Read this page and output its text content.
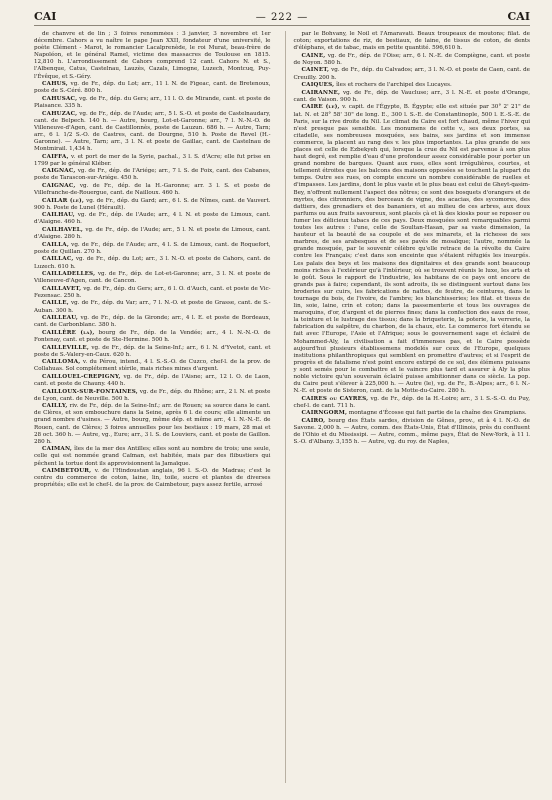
CAI	— 222 —	CAI

de chanvre et de lin ; 3 foires renommées : 3 janvier, 3 novembre et 1er décembre. Cahors a vu naître le pape Jean XXII, fondateur d'une université, le poète Clément - Marot, le romancier Lacalprenède, le roi Murat, beau-frère de Napoléon, et le général Ramel, victime des massacres de Toulouse en 1815. 12,810 h. L'arrondissement de Cahors comprend 12 cant. Cahors N. et S., l'Albenque, Catus, Castelnau, Lauzès, Cazals, Limogne, Luzech, Montcuq, Puy-l'Évêque, et S.-Géry.

CAHUS, vg. de Fr., dép. du Lot; arr., 11 l. N. de Figeac, cant. de Bretenoux, poste de S.-Céré. 800 h.

CAHUSAC, vg. de Fr., dép. du Gers; arr., 11 l. O. de Mirande, cant. et poste de Plaisance. 335 h.

CAHUZAC, vg. de Fr., dép. de l'Aude; arr., 5 l. S.-O. et poste de Castelnaudary, cant. de Belpech. 140 h. — Autre, bourg, Lot-et-Garonne; arr., 7 l. N.-N.-O. de Villeneuve-d'Agen, cant. de Castillonnès, poste de Lauzun. 686 h. — Autre, Tarn; arr., 6 l. 1/2 S.-O. de Castres, cant. de Dourgne, 510 h. Poste de Revel (H.-Garonne). — Autre, Tarn; arr., 3 l. N. et poste de Gaillac, cant. de Castelnau de Montmirail. 1,434 h.

CAIFFA, v. et port de mer de la Syrie, pachal., 3 l. S. d'Acre; elle fut prise en 1799 par le général Kléber.

CAIGNAC, vg. de Fr., dép. de l'Ariége; arr., 7 l. S. de Foix, cant. des Cabanes, poste de Tarascon-sur-Ariége. 450 h.

CAIGNAC, vg. de Fr., dép. de la H.-Garonne; arr. 3 l. S. et poste de Villefranche-de-Rouergue, cant. de Nailloux. 460 h.

CAILAR (le), vg. de Fr., dép. du Gard; arr., 6 l. S. de Nîmes, cant. de Vauvert. 900 h. Poste de Lunel (Hérault).

CAILHAU, vg. de Fr., dép. de l'Aude; arr., 4 l. N. et poste de Limoux, cant. d'Alaigne. 460 h.

CAILHAVEL, vg. de Fr., dép. de l'Aude; arr., 5 l. N. et poste de Limoux, cant. d'Alaigne. 280 h.

CAILLA, vg. de Fr., dép. de l'Aude; arr., 4 l. S. de Limoux, cant. de Roquefort, poste de Quillan. 270 h.

CAILLAC, vg. de Fr., dép. du Lot; arr., 3 l. N.-O. et poste de Cahors, cant. de Luzech. 610 h.

CAILLADELLES, vg. de Fr., dép. de Lot-et-Garonne; arr., 3 l. N. et poste de Villeneuve-d'Agen, cant. de Cancon.

CAILLAVET, vg. de Fr., dép. du Gers; arr., 6 l. O. d'Auch, cant. et poste de Vic-Fezensac. 250 h.

CAILLE, vg. de Fr., dép. du Var; arr., 7 l. N.-O. et poste de Grasse, cant. de S.-Auban. 300 h.

CAILLEAU, vg. de Fr., dép. de la Gironde; arr., 4 l. E. et poste de Bordeaux, cant. de Carbonblanc. 380 h.

CAILLÈRE (la), bourg de Fr., dép. de la Vendée; arr., 4 l. N.-N.-O. de Fontenay, cant. et poste de Ste-Hermine. 500 h.

CAILLEVILLE, vg. de Fr., dép. de la Seine-Inf.; arr., 6 l. N. d'Yvetot, cant. et poste de S.-Valery-en-Caux. 620 h.

CAILLOMA, v. du Pérou, intend., 4 l. S.-S.-O. de Cuzco, chef-l. de la prov. de Collahuas. Sol complétement stérile, mais riches mines d'argent.

CAILLOUEL-CREPIGNY, vg. de Fr., dép. de l'Aisne; arr., 12 l. O. de Laon, cant. et poste de Chauny. 440 h.

CAILLOUX-SUR-FONTAINES, vg. de Fr., dép. du Rhône; arr., 2 l. N. et poste de Lyon, cant. de Neuville. 500 h.

CAILLY, riv. de Fr., dép. de la Seine-Inf.; arr. de Rouen; sa source dans le cant. de Clères, et son embouchure dans la Seine, après 6 l. de cours; elle alimente un grand nombre d'usines. — Autre, bourg, même dép. et même arr., 4 l. N.-N.-E. de Rouen, cant. de Clères; 3 foires annuelles pour les bestiaux : 19 mars, 28 mai et 28 oct. 360 h. — Autre, vg., Eure; arr., 3 l. S. de Louviers, cant. et poste de Gaillon. 280 h.

CAIMAN, îles de la mer des Antilles; elles sont au nombre de trois; une seule, celle qui est nommée grand Caïman, est habitée, mais par des flibustiers qui pêchent la tortue dont ils approvisionnent la Jamaïque.

CAIMBETOUR, v. de l'Hindoustan anglais, 96 l. S.-O. de Madras; c'est le centre du commerce de coton, laine, lin, toile, sucre et plantes de diverses propriétés; elle est le chef-l. de la prov. de Caimbetour, pays assez fertile, arrosé

par le Bohvany, le Noil et l'Amaravati. Beaux troupeaux de moutons; filat. de coton; exportations de riz, de bestiaux, de laine, de tissus de coton, de dents d'éléphans, et de tabac, mais en petite quantité. 596,610 h.

CAINE, vg. de Fr., dép. de l'Oise; arr., 6 l. N.-E. de Compiègne, cant. et poste de Noyon. 580 h.

CAINET, vg. de Fr., dép. du Calvados; arr., 3 l. N.-O. et poste de Caen, cant. de Creuilly. 200 h.

CAIQUES, îles et rochers de l'archipel des Lucayes.

CAIRANNE, vg. de Fr., dép. de Vaucluse; arr., 3 l. N.-E. et poste d'Orange, cant. de Vaison. 900 h.

CAIRE (le), v. capit. de l'Égypte, B. Égypte; elle est située par 30° 2' 21" de lat. N. et 28° 58' 30" de long. E., 300 l. S.-E. de Constantinople, 500 l. E.-S.-E. de Paris, sur la rive droite du Nil. Le climat du Caire est fort chaud, même l'hiver qui n'est presque pas sensible. Les monumens de cette v., ses deux portes, sa citadelle, ses nombreuses mosquées, ses bains, ses jardins et son immense commerce, la placent au rang des v. les plus importantes. La plus grande de ses places est celle de Ezbekyeh qui, lorsque la crue du Nil est parvenue à son plus haut degré, est remplie d'eau d'une profondeur assez considérable pour porter un grand nombre de barques. Quant aux rues, elles sont irrégulières, courtes, et tellement étroites que les balcons des maisons opposées se touchent la plupart du temps. Outre ses rues, on compte encore un nombre considérable de ruelles et d'impasses. Les jardins, dont le plus vaste et le plus beau est celui de Gheyt-qasim-Bey, n'offrent nullement l'aspect des nôtres; ce sont des bosquets d'orangers et de myrtes, des citronniers, des berceaux de vigne, des acacias, des sycomores, des dattiers, des grenadiers et des bananiers, et au milieu de ces arbres, aux doux parfums ou aux fruits savoureux, sont placés çà et là des kiosks pour se reposer ou fumer les délicieux tabacs de ces pays. Deux mosquées sont remarquables parmi toutes les autres : l'une, celle de Soultan-Hasan, par sa vaste dimension, la hauteur et la beauté de sa coupole et de ses minarets, et la richesse de ses marbres, de ses arabesques et de ses pavés de mosaïque; l'autre, nommée la grande mosquée, par le souvenir célèbre qu'elle retrace de la révolte du Caire contre les Français; c'est dans son enceinte que s'étaient réfugiés les insurgés. Les palais des beys et les maisons des dignitaires et des grands sont beaucoup moins riches à l'extérieur qu'à l'intérieur, où se trouvent réunis le luxe, les arts et le goût. Sous le rapport de l'industrie, les habitans de ce pays ont encore de grands pas à faire; cependant, ils sont adroits, ils se distinguent surtout dans les broderies sur cuirs, les fabrications de nattes, de feutre, de ceintures, dans le tournage du bois, de l'ivoire, de l'ambre; les blanchisseries; les filat. et tissus de lin, soie, laine, crin et coton; dans la passementerie et tous les ouvrages de maroquins, d'or, d'argent et de pierres fines; dans la confection des eaux de rose, la teinture et le lustrage des tissus; dans la briqueterie, la poterie, la verrerie, la fabrication du salpêtre, du charbon, de la chaux, etc. Le commerce fort étendu se fait avec l'Europe, l'Asie et l'Afrique; sous le gouvernement sage et éclairé de Mohammed-Aly, la civilisation a fait d'immenses pas, et le Caire possède aujourd'hui plusieurs établissemens modelés sur ceux de l'Europe, quelques institutions philanthropiques qui semblent en promettre d'autres; et si l'esprit de progrès et de fatalisme n'est point encore extirpé de ce sol, des élémens puissans y sont semés pour le combattre et le vaincre plus tard et assurer à Aly la plus noble victoire qu'un souverain éclairé puisse ambitionner dans ce siècle. La pop. du Caire peut s'élever à 225,000 h. — Autre (le), vg. de Fr., B.-Alpes; arr., 6 l. N.-N.-E. et poste de Sisteron, cant. de la Motte-du-Caire. 280 h.

CAIRES ou CAYRES, vg. de Fr., dép. de la H.-Loire; arr., 3 l. S.-S.-O. du Puy, chef-l. de cant. 711 h.

CAIRNGORM, montagne d'Écosse qui fait partie de la chaîne des Grampians.

CAIRO, bourg des États sardes, division de Gênes, prov., et à 4 l. N.-O. de Savone. 2,000 h. — Autre, comm. des États-Unis, État d'Illinois, près du confluent de l'Ohio et du Mississipi. — Autre, comm., même pays, État de New-York, à 11 l. S.-O. d'Albany. 3,155 h. — Autre, vg. du roy. de Naples,
